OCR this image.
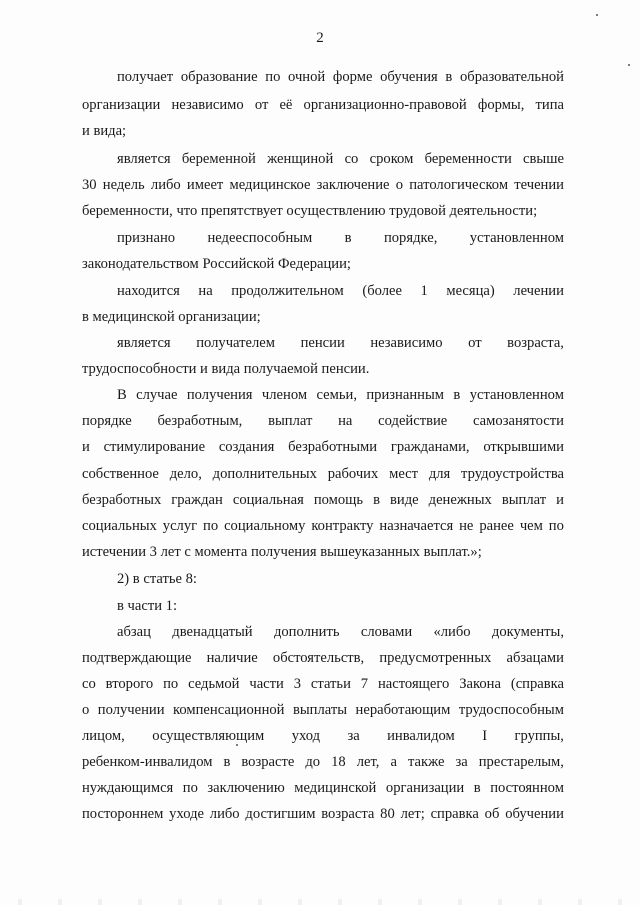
2
получает образование по очной форме обучения в образовательной
организации независимо от её организационно-правовой формы, типа
и вида;
является беременной женщиной со сроком беременности свыше
30 недель либо имеет медицинское заключение о патологическом течении
беременности, что препятствует осуществлению трудовой деятельности;
признано недееспособным в порядке, установленном
законодательством Российской Федерации;
находится на продолжительном (более 1 месяца) лечении
в медицинской организации;
является получателем пенсии независимо от возраста,
трудоспособности и вида получаемой пенсии.
В случае получения членом семьи, признанным в установленном
порядке безработным, выплат на содействие самозанятости
и стимулирование создания безработными гражданами, открывшими
собственное дело, дополнительных рабочих мест для трудоустройства
безработных граждан социальная помощь в виде денежных выплат и
социальных услуг по социальному контракту назначается не ранее чем по
истечении 3 лет с момента получения вышеуказанных выплат.»;
2) в статье 8:
в части 1:
абзац двенадцатый дополнить словами «либо документы,
подтверждающие наличие обстоятельств, предусмотренных абзацами
со второго по седьмой части 3 статьи 7 настоящего Закона (справка
о получении компенсационной выплаты неработающим трудоспособным
лицом, осуществляющим уход за инвалидом I группы,
ребенком-инвалидом в возрасте до 18 лет, а также за престарелым,
нуждающимся по заключению медицинской организации в постоянном
постороннем уходе либо достигшим возраста 80 лет; справка об обучении
